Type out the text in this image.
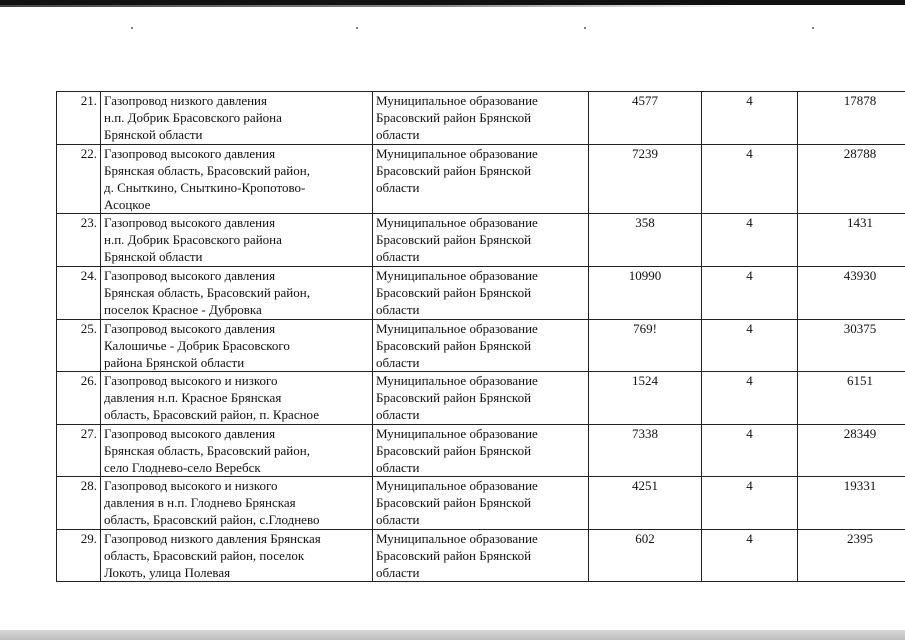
21.	Газопровод низкого давления
н.п. Добрик Брасовского района
Брянской области	Муниципальное образование
Брасовский район Брянской
области	4577	4	17878
22.	Газопровод высокого давления
Брянская область, Брасовский район,
д. Сныткино, Сныткино-Кропотово-
Асоцкое	Муниципальное образование
Брасовский район Брянской
области	7239	4	28788
23.	Газопровод высокого давления
н.п. Добрик Брасовского района
Брянской области	Муниципальное образование
Брасовский район Брянской
области	358	4	1431
24.	Газопровод высокого давления
Брянская область, Брасовский район,
поселок Красное - Дубровка	Муниципальное образование
Брасовский район Брянской
области	10990	4	43930
25.	Газопровод высокого давления
Калошичье - Добрик Брасовского
района Брянской области	Муниципальное образование
Брасовский район Брянской
области	769!	4	30375
26.	Газопровод высокого и низкого
давления н.п. Красное Брянская
область, Брасовский район, п. Красное	Муниципальное образование
Брасовский район Брянской
области	1524	4	6151
27.	Газопровод высокого давления
Брянская область, Брасовский район,
село Глоднево-село Веребск	Муниципальное образование
Брасовский район Брянской
области	7338	4	28349
28.	Газопровод высокого и низкого
давления в н.п. Глоднево Брянская
область, Брасовский район, с.Глоднево	Муниципальное образование
Брасовский район Брянской
области	4251	4	19331
29.	Газопровод низкого давления Брянская
область, Брасовский район, поселок
Локоть, улица Полевая	Муниципальное образование
Брасовский район Брянской
области	602	4	2395
